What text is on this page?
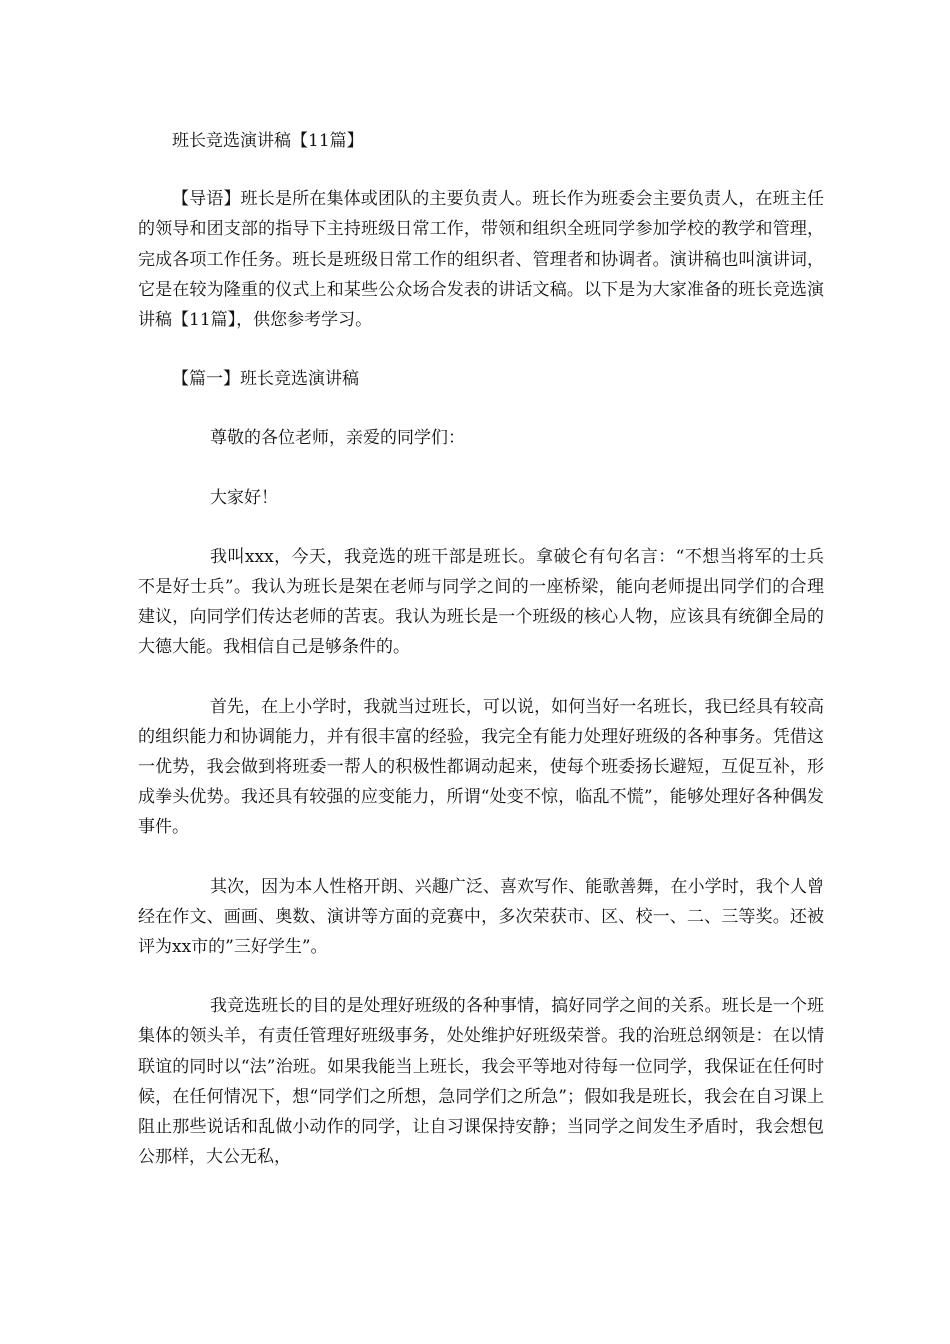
班长竞选演讲稿【11篇】

【导语】班长是所在集体或团队的主要负责人。班长作为班委会主要负责人，在班主任的领导和团支部的指导下主持班级日常工作，带领和组织全班同学参加学校的教学和管理，完成各项工作任务。班长是班级日常工作的组织者、管理者和协调者。演讲稿也叫演讲词，它是在较为隆重的仪式上和某些公众场合发表的讲话文稿。以下是为大家准备的班长竞选演讲稿【11篇】，供您参考学习。

【篇一】班长竞选演讲稿

尊敬的各位老师，亲爱的同学们：

大家好！

我叫xxx，今天，我竞选的班干部是班长。拿破仑有句名言：“不想当将军的士兵不是好士兵”。我认为班长是架在老师与同学之间的一座桥梁，能向老师提出同学们的合理建议，向同学们传达老师的苦衷。我认为班长是一个班级的核心人物，应该具有统御全局的大德大能。我相信自己是够条件的。

首先，在上小学时，我就当过班长，可以说，如何当好一名班长，我已经具有较高的组织能力和协调能力，并有很丰富的经验，我完全有能力处理好班级的各种事务。凭借这一优势，我会做到将班委一帮人的积极性都调动起来，使每个班委扬长避短，互促互补，形成拳头优势。我还具有较强的应变能力，所谓“处变不惊，临乱不慌”，能够处理好各种偶发事件。

其次，因为本人性格开朗、兴趣广泛、喜欢写作、能歌善舞，在小学时，我个人曾经在作文、画画、奥数、演讲等方面的竞赛中，多次荣获市、区、校一、二、三等奖。还被评为xx市的”三好学生”。

我竞选班长的目的是处理好班级的各种事情，搞好同学之间的关系。班长是一个班集体的领头羊，有责任管理好班级事务，处处维护好班级荣誉。我的治班总纲领是：在以情联谊的同时以“法”治班。如果我能当上班长，我会平等地对待每一位同学，我保证在任何时候，在任何情况下，想“同学们之所想，急同学们之所急”；假如我是班长，我会在自习课上阻止那些说话和乱做小动作的同学，让自习课保持安静；当同学之间发生矛盾时，我会想包公那样，大公无私，
